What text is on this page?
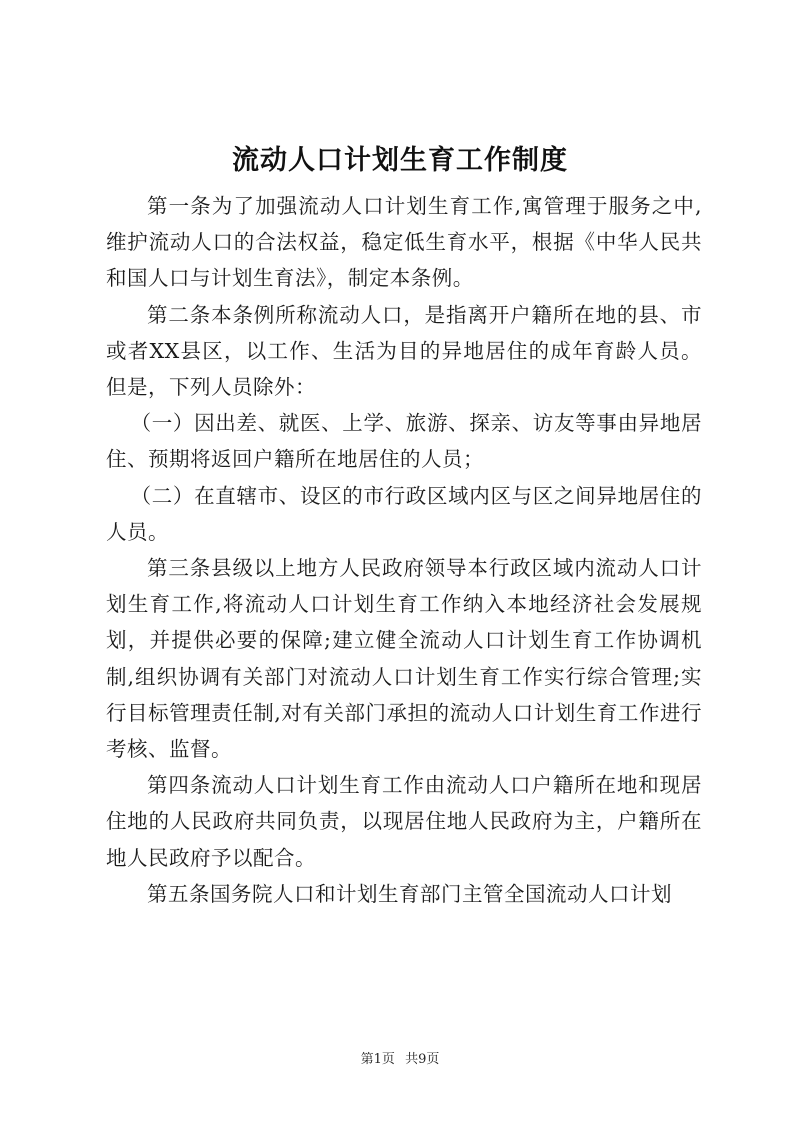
流动人口计划生育工作制度

第一条为了加强流动人口计划生育工作,寓管理于服务之中,维护流动人口的合法权益，稳定低生育水平，根据《中华人民共和国人口与计划生育法》，制定本条例。

第二条本条例所称流动人口，是指离开户籍所在地的县、市或者XX县区，以工作、生活为目的异地居住的成年育龄人员。但是，下列人员除外：

（一）因出差、就医、上学、旅游、探亲、访友等事由异地居住、预期将返回户籍所在地居住的人员；

（二）在直辖市、设区的市行政区域内区与区之间异地居住的人员。

第三条县级以上地方人民政府领导本行政区域内流动人口计划生育工作,将流动人口计划生育工作纳入本地经济社会发展规划，并提供必要的保障;建立健全流动人口计划生育工作协调机制,组织协调有关部门对流动人口计划生育工作实行综合管理;实行目标管理责任制,对有关部门承担的流动人口计划生育工作进行考核、监督。

第四条流动人口计划生育工作由流动人口户籍所在地和现居住地的人民政府共同负责，以现居住地人民政府为主，户籍所在地人民政府予以配合。

第五条国务院人口和计划生育部门主管全国流动人口计划

第1页 共9页
